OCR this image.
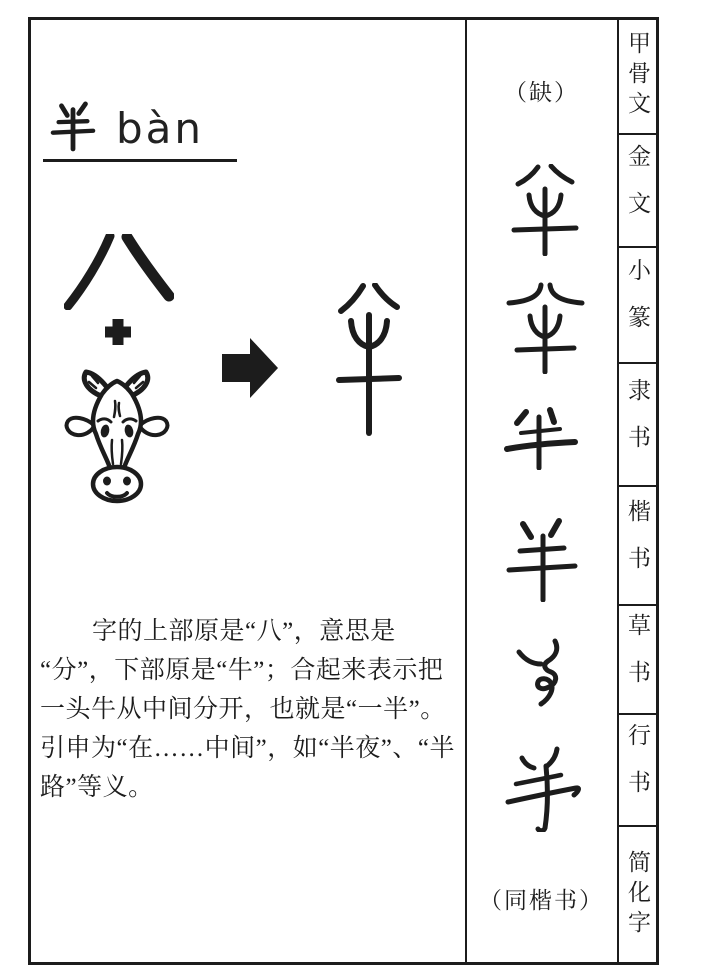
bàn
字的上部原是“八”，意思是
“分”，下部原是“牛”；合起来表示把
一头牛从中间分开，也就是“一半”。
引申为“在……中间”，如“半夜”、“半
路”等义。
（缺）
（同楷书）
甲骨文
金文
小篆
隶书
楷书
草书
行书
简化字
